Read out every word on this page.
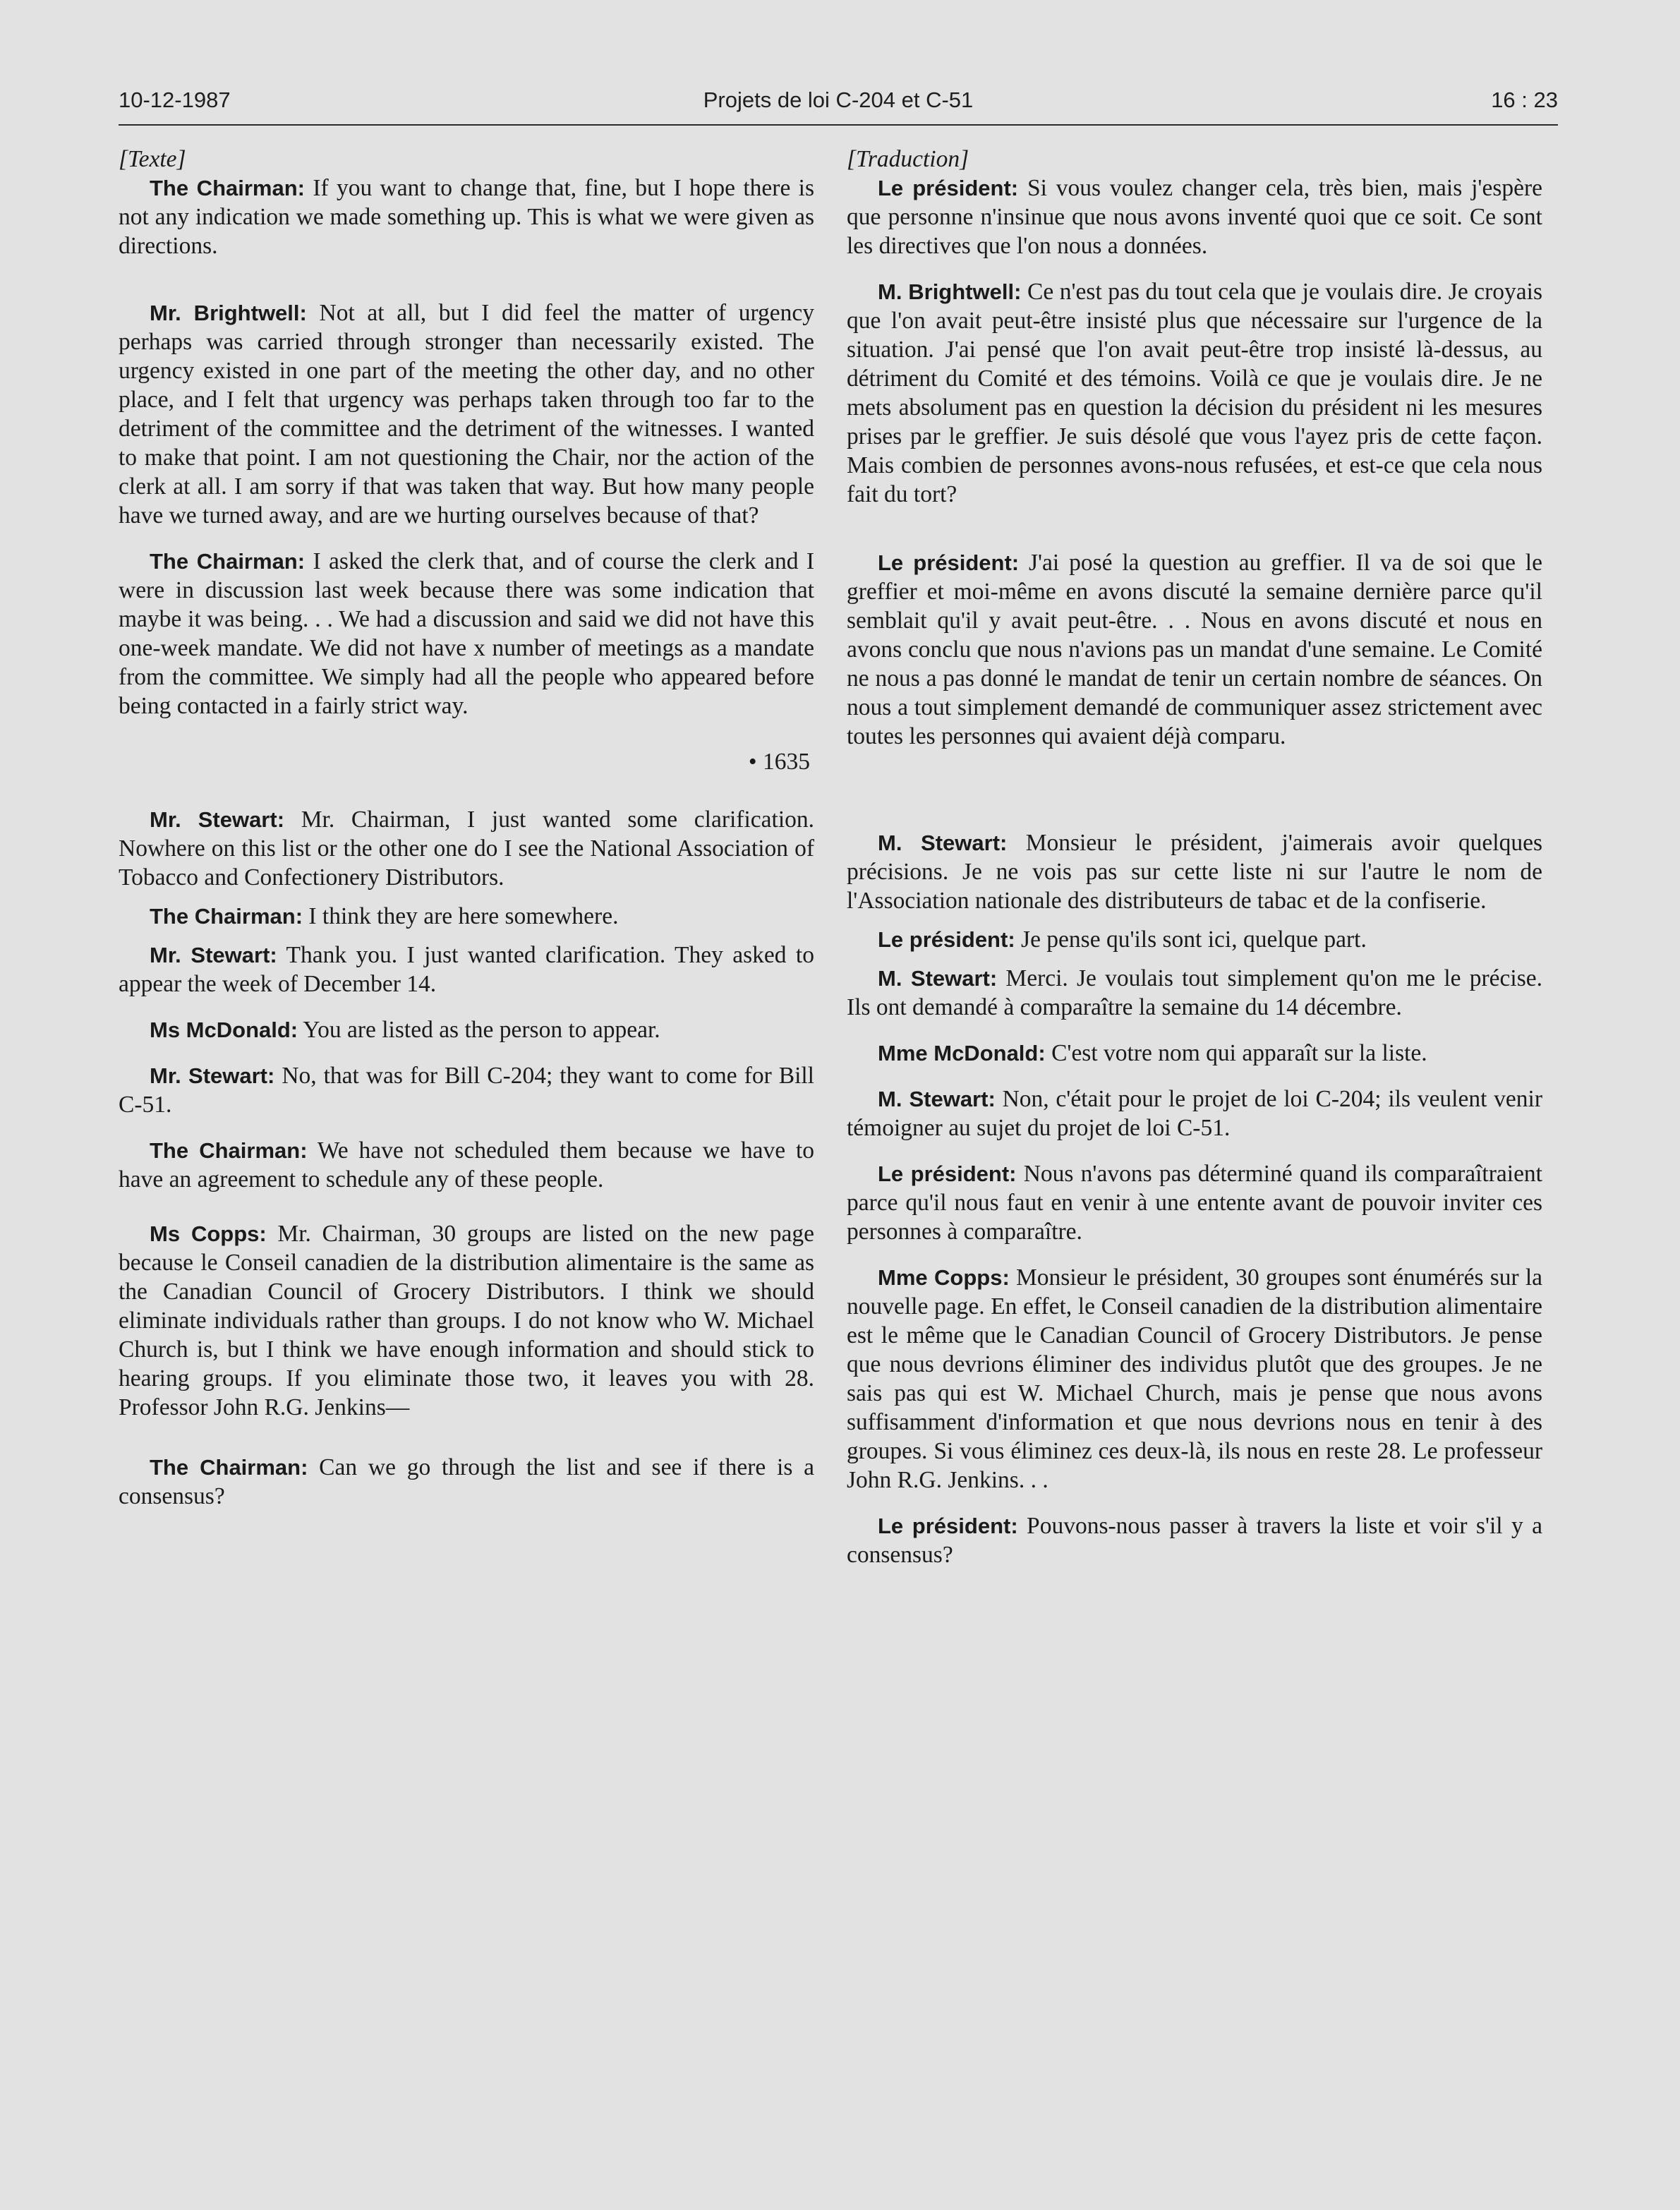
10-12-1987	Projets de loi C-204 et C-51	16 : 23

[Texte]

The Chairman: If you want to change that, fine, but I hope there is not any indication we made something up. This is what we were given as directions.

Mr. Brightwell: Not at all, but I did feel the matter of urgency perhaps was carried through stronger than necessarily existed. The urgency existed in one part of the meeting the other day, and no other place, and I felt that urgency was perhaps taken through too far to the detriment of the committee and the detriment of the witnesses. I wanted to make that point. I am not questioning the Chair, nor the action of the clerk at all. I am sorry if that was taken that way. But how many people have we turned away, and are we hurting ourselves because of that?

The Chairman: I asked the clerk that, and of course the clerk and I were in discussion last week because there was some indication that maybe it was being. . . We had a discussion and said we did not have this one-week mandate. We did not have x number of meetings as a mandate from the committee. We simply had all the people who appeared before being contacted in a fairly strict way.

• 1635

Mr. Stewart: Mr. Chairman, I just wanted some clarification. Nowhere on this list or the other one do I see the National Association of Tobacco and Confectionery Distributors.

The Chairman: I think they are here somewhere.

Mr. Stewart: Thank you. I just wanted clarification. They asked to appear the week of December 14.

Ms McDonald: You are listed as the person to appear.

Mr. Stewart: No, that was for Bill C-204; they want to come for Bill C-51.

The Chairman: We have not scheduled them because we have to have an agreement to schedule any of these people.

Ms Copps: Mr. Chairman, 30 groups are listed on the new page because le Conseil canadien de la distribution alimentaire is the same as the Canadian Council of Grocery Distributors. I think we should eliminate individuals rather than groups. I do not know who W. Michael Church is, but I think we have enough information and should stick to hearing groups. If you eliminate those two, it leaves you with 28. Professor John R.G. Jenkins—

The Chairman: Can we go through the list and see if there is a consensus?

[Traduction]

Le président: Si vous voulez changer cela, très bien, mais j'espère que personne n'insinue que nous avons inventé quoi que ce soit. Ce sont les directives que l'on nous a données.

M. Brightwell: Ce n'est pas du tout cela que je voulais dire. Je croyais que l'on avait peut-être insisté plus que nécessaire sur l'urgence de la situation. J'ai pensé que l'on avait peut-être trop insisté là-dessus, au détriment du Comité et des témoins. Voilà ce que je voulais dire. Je ne mets absolument pas en question la décision du président ni les mesures prises par le greffier. Je suis désolé que vous l'ayez pris de cette façon. Mais combien de personnes avons-nous refusées, et est-ce que cela nous fait du tort?

Le président: J'ai posé la question au greffier. Il va de soi que le greffier et moi-même en avons discuté la semaine dernière parce qu'il semblait qu'il y avait peut-être. . . Nous en avons discuté et nous en avons conclu que nous n'avions pas un mandat d'une semaine. Le Comité ne nous a pas donné le mandat de tenir un certain nombre de séances. On nous a tout simplement demandé de communiquer assez strictement avec toutes les personnes qui avaient déjà comparu.

M. Stewart: Monsieur le président, j'aimerais avoir quelques précisions. Je ne vois pas sur cette liste ni sur l'autre le nom de l'Association nationale des distributeurs de tabac et de la confiserie.

Le président: Je pense qu'ils sont ici, quelque part.

M. Stewart: Merci. Je voulais tout simplement qu'on me le précise. Ils ont demandé à comparaître la semaine du 14 décembre.

Mme McDonald: C'est votre nom qui apparaît sur la liste.

M. Stewart: Non, c'était pour le projet de loi C-204; ils veulent venir témoigner au sujet du projet de loi C-51.

Le président: Nous n'avons pas déterminé quand ils comparaîtraient parce qu'il nous faut en venir à une entente avant de pouvoir inviter ces personnes à comparaître.

Mme Copps: Monsieur le président, 30 groupes sont énumérés sur la nouvelle page. En effet, le Conseil canadien de la distribution alimentaire est le même que le Canadian Council of Grocery Distributors. Je pense que nous devrions éliminer des individus plutôt que des groupes. Je ne sais pas qui est W. Michael Church, mais je pense que nous avons suffisamment d'information et que nous devrions nous en tenir à des groupes. Si vous éliminez ces deux-là, ils nous en reste 28. Le professeur John R.G. Jenkins. . .

Le président: Pouvons-nous passer à travers la liste et voir s'il y a consensus?
